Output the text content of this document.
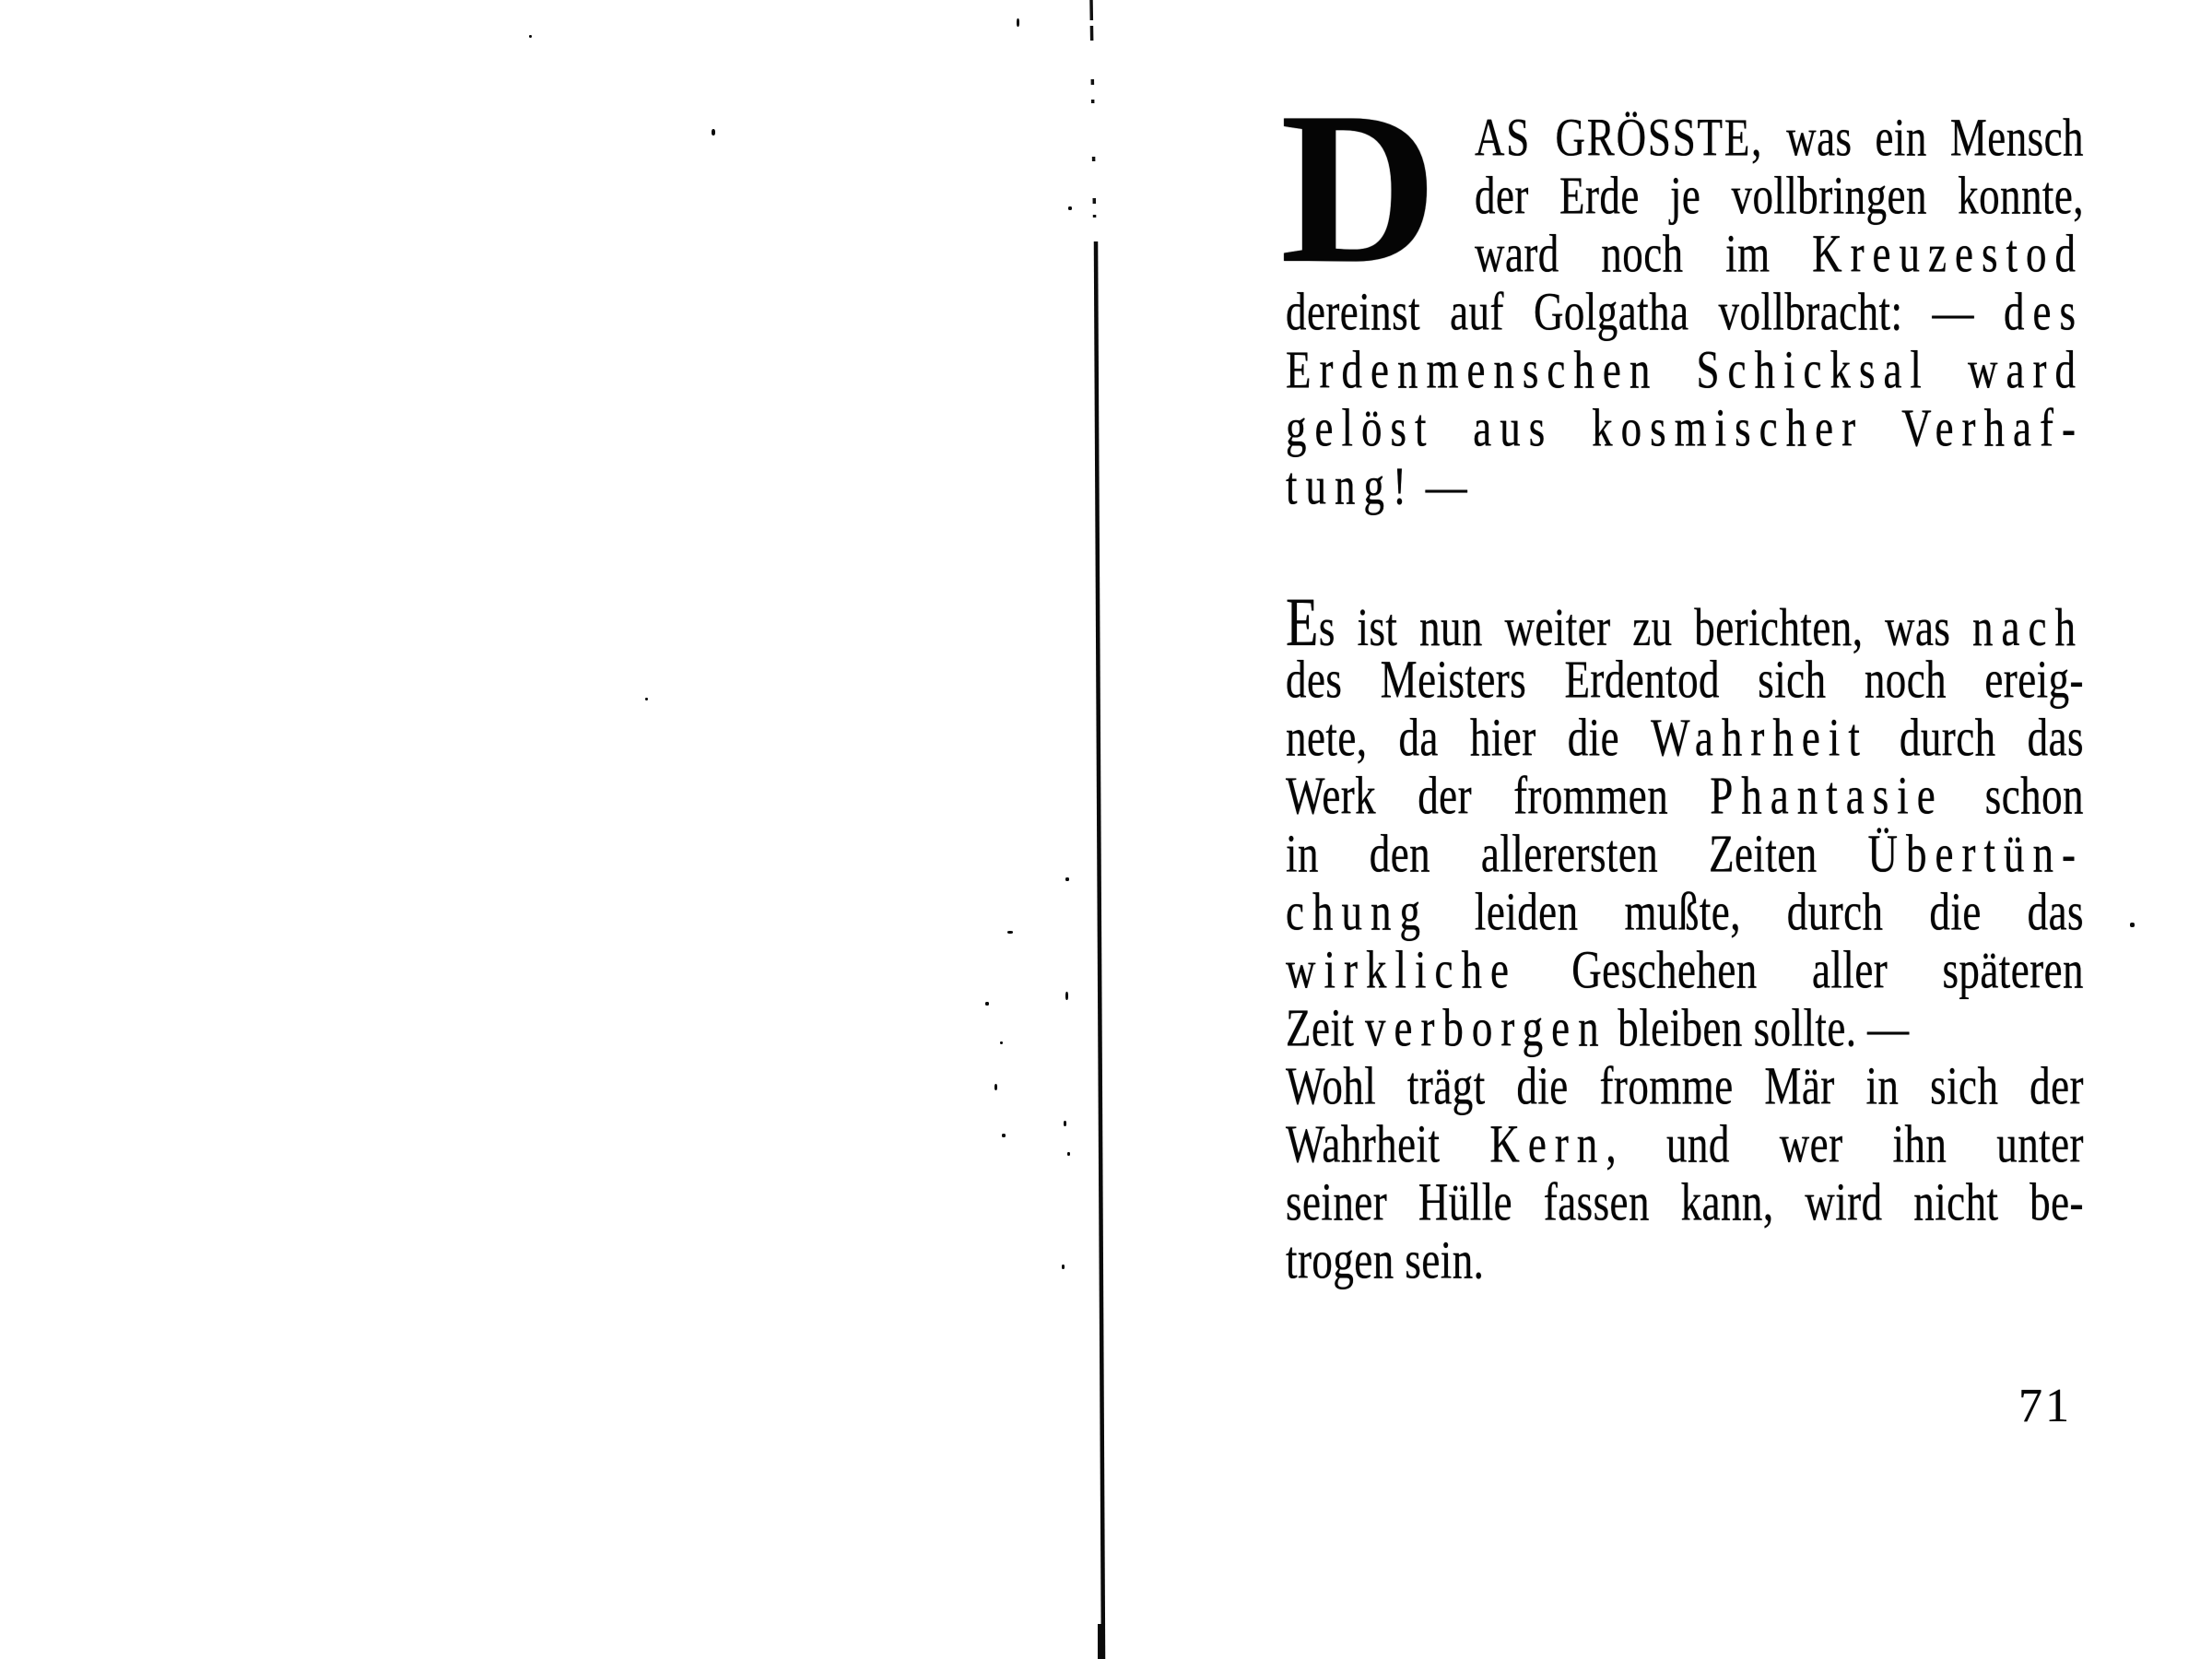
D AS GRÖSSTE, was ein Mensch
der Erde je vollbringen konnte,
ward noch im Kreuzestod
dereinst auf Golgatha vollbracht: — des
Erdenmenschen Schicksal ward
gelöst aus kosmischer Verhaf-
tung! —
Es ist nun weiter zu berichten, was nach
des Meisters Erdentod sich noch ereig-
nete, da hier die Wahrheit durch das
Werk der frommen Phantasie schon
in den allerersten Zeiten Übertün-
chung leiden mußte, durch die das
wirkliche Geschehen aller späteren
Zeit verborgen bleiben sollte. —
Wohl trägt die fromme Mär in sich der
Wahrheit Kern, und wer ihn unter
seiner Hülle fassen kann, wird nicht be-
trogen sein.
71
